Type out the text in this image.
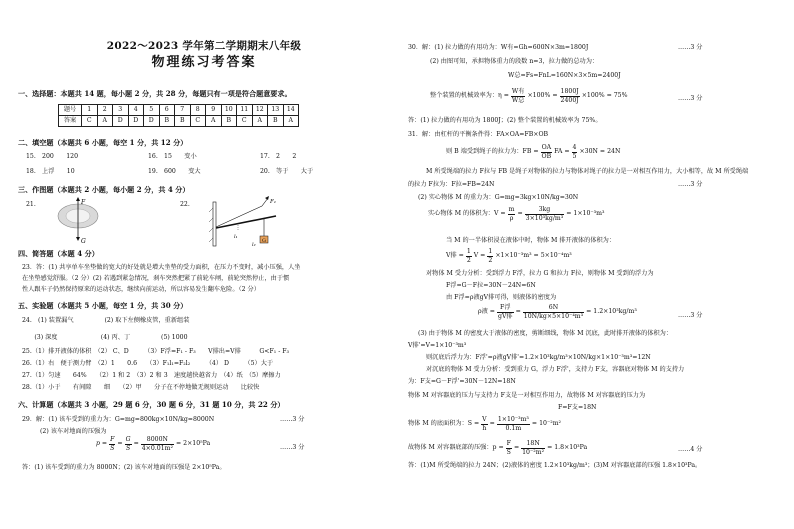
2022～2023 学年第二学期期末八年级
物理练习考答案
一、选择题：本题共 14 题，每小题 2 分，共 28 分，每题只有一项是符合题意要求。
题号	1	2	3	4	5	6	7	8	9	10	11	12	13	14
答案	C	A	D	D	D	B	B	C	A	B	C	A	B	A
二、填空题（本题共 6 小题，每空 1 分，共 12 分）
15.　200　　120	16.　15　　变小	17.　2　　2
18.　上浮　　10	19.　600　　变大	20.　等于　　大于
三、作图题（本题共 2 小题，每小题 2 分，共 4 分）
21.	22.
F
G	G
F₁
l₁
l₂
四、简答题（本题 4 分）
23．答：(1) 共享单车坐垫做的宽大的好处就是增大坐垫的受力面积，在压力不变时，减小压强，人坐
在坐垫感觉舒服。（2 分）(2) 若遇到紧急情况，刹车突然把紧了前轮车闸，前轮突然停止，由于惯
性人跟车子仍然保持原来的运动状态，继续向前运动，所以容易发生翻车危险。（2 分）
五、实验题（本题共 5 小题，每空 1 分，共 30 分）
24.　(1) 装置漏气　　　　　(2) 取下左侧橡皮管，重新组装
　　(3) 深度　　　　　　　(4) 丙、丁　　　　　(5) 1000
25.（1）排开液体的体积　（2） C、D　　　（3）F浮=F₁ - F₃　　V排出=V排　　　G<F₁ - F₃
26.（1）右　便于测力臂　（2）1　　0.6　　（3）F₁l₁=F₂l₂　　　（4） D　　　（5）大于
27.（1）匀速　　64%　　（2）1 和 2　（3）2 和 3　速度越快越省力　（4）纸　（5）摩擦力
28.（1）小于　　有间隙　　细　　（2）甲　　分子在不停地做无规则运动　　比较快
六、计算题（本题共 3 小题，29 题 6 分，30 题 6 分，31 题 10 分，共 22 分）
29．解：(1) 该车受到的重力为：G=mg=800kg×10N/kg=8000N	……3 分
(2) 该车对地面的压强为
$p = \frac{F}{S} = \frac{G}{S} = \frac{8000N}{\text{4×0.01m²}} = 2\times 10^5Pa$
……3 分
答：(1) 该车受到的重力为 8000N；(2) 该车对地面的压强是 2×10⁵Pa。
30．解：(1) 拉力做的有用功为：W有=Gh=600N×3m=1800J	……3 分
(2) 由图可知，承担物体重力的段数 n=3，拉力做的总功为：
W总=Fs=FnL=160N×3×5m=2400J
整个装置的机械效率为：$\eta = \frac{\text{W有}}{\text{W总}} \times 100\% = \frac{1800J}{2400J} \times 100\% = 75\%$	……3 分
答：(1) 拉力做的有用功为 1800J；(2) 整个装置的机械效率为 75%。
31．解：由杠杆的平衡条件得：FA×OA=FB×OB
则 B 端受到绳子的拉力为：FB = $\frac{OA}{OB}$ FA = $\frac{4}{5} \times 30N = 24N$
M 所受绳端的拉力 F拉与 FB 是绳子对物体的拉力与物体对绳子的拉力是一对相互作用力，大小相等，故 M 所受绳端
的拉力 F拉为：F拉=FB=24N	……3 分
(2) 实心物体 M 的重力为：G=mg=3kg×10N/kg=30N
实心物体 M 的体积为：$V = \frac{m}{\rho} = \frac{3kg}{\text{3×10³kg/m³}} = 1\times 10^{-3}m^3$
当 M 的一半体积浸在液体中时，物体 M 排开液体的体积为：
V排 = $\frac{1}{2}$ $V = \frac{1}{2} \times 1\times 10^{-3}m^3 = 5\times 10^{-4}m^3$
对物体 M 受力分析：受到浮力 F浮，拉力 G 和拉力 F拉，则物体 M 受到的浮力为
F浮=G－F拉=30N－24N=6N
由 F浮=ρ液gV排可得，则液体的密度为
ρ液 = $\frac{\text{F浮}}{\text{gV排}} = \frac{6N}{\text{10N/kg×5×10⁻⁴m³}} = 1.2\times 10^3kg/m^3$
……3 分
(3) 由于物体 M 的密度大于液体的密度，剪断细线，物体 M 沉底，此时排开液体的体积为：
V排'=V=1×10⁻³m³
则沉底后浮力为：F浮'=ρ液gV排'=1.2×10³kg/m³×10N/kg×1×10⁻³m³=12N
对沉底的物体 M 受力分析：受到重力 G，浮力 F浮'，支持力 F支，容器底对物体 M 的支持力
为：F支=G－F浮'=30N－12N=18N
物体 M 对容器底的压力与支持力 F支是一对相互作用力，故物体 M 对容器底的压力为
F=F支=18N
物体 M 的底面积为：$S = \frac{V}{h} = \frac{\text{1×10⁻³m³}}{0.1m} = 10^{-2}m^2$
故物体 M 对容器底部的压强：$p = \frac{F}{S} = \frac{18N}{\text{10⁻²m²}} = 1.8\times 10^3Pa$	……4 分
答：(1)M 所受绳端的拉力 24N；(2)液体的密度 1.2×10³kg/m³；(3)M 对容器底部的压强 1.8×10³Pa。
